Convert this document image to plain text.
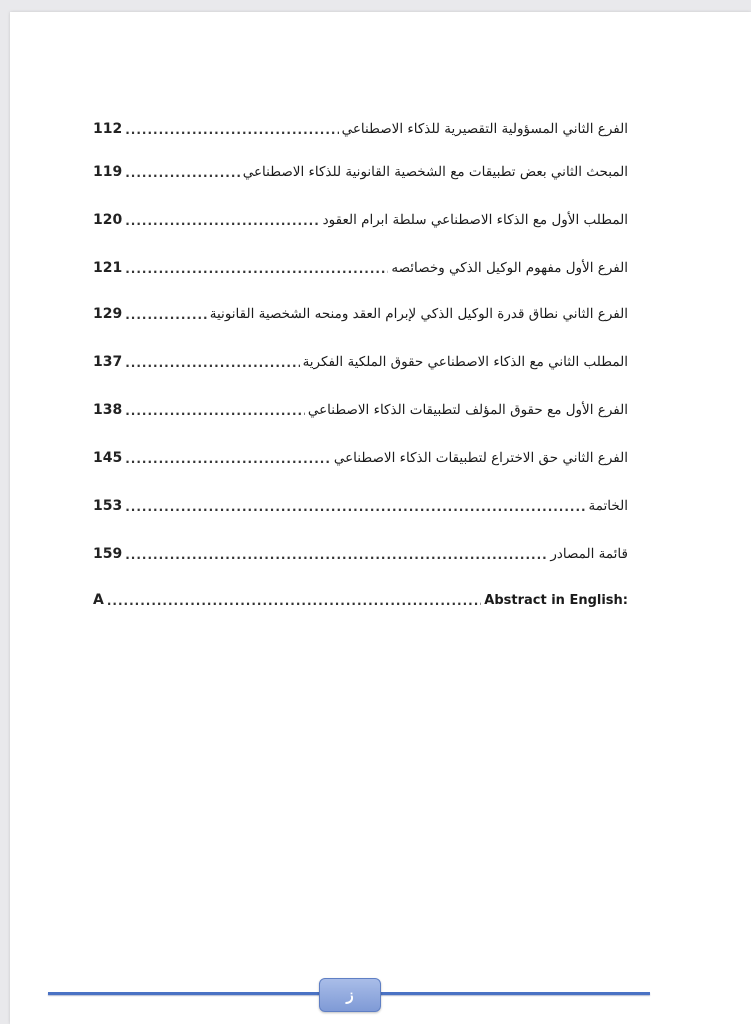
112 .....	الفرع الثاني المسؤولية التقصيرية للذكاء الاصطناعي
119 .....	المبحث الثاني بعض تطبيقات مع الشخصية القانونية للذكاء الاصطناعي
120 .....	المطلب الأول مع الذكاء الاصطناعي سلطة ابرام العقود
121 .....	الفرع الأول مفهوم الوكيل الذكي وخصائصه
129 .....	الفرع الثاني نطاق قدرة الوكيل الذكي لإبرام العقد ومنحه الشخصية القانونية
137 .....	المطلب الثاني مع الذكاء الاصطناعي حقوق الملكية الفكرية
138 .....	الفرع الأول مع حقوق المؤلف لتطبيقات الذكاء الاصطناعي
145 .....	الفرع الثاني حق الاختراع لتطبيقات الذكاء الاصطناعي
153 .....	الخاتمة
159 .....	قائمة المصادر
A .....	Abstract in English:
ز
